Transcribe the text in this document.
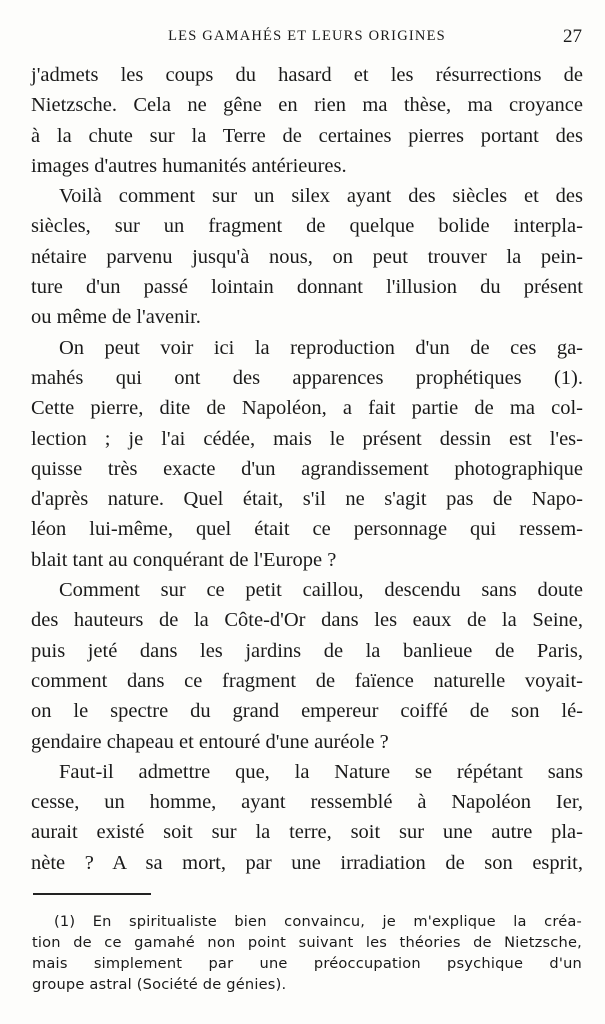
LES GAMAHÉS ET LEURS ORIGINES	27
j'admets les coups du hasard et les résurrections de
Nietzsche. Cela ne gêne en rien ma thèse, ma croyance
à la chute sur la Terre de certaines pierres portant des
images d'autres humanités antérieures.
Voilà comment sur un silex ayant des siècles et des
siècles, sur un fragment de quelque bolide interpla-
nétaire parvenu jusqu'à nous, on peut trouver la pein-
ture d'un passé lointain donnant l'illusion du présent
ou même de l'avenir.
On peut voir ici la reproduction d'un de ces ga-
mahés qui ont des apparences prophétiques (1).
Cette pierre, dite de Napoléon, a fait partie de ma col-
lection ; je l'ai cédée, mais le présent dessin est l'es-
quisse très exacte d'un agrandissement photographique
d'après nature. Quel était, s'il ne s'agit pas de Napo-
léon lui-même, quel était ce personnage qui ressem-
blait tant au conquérant de l'Europe ?
Comment sur ce petit caillou, descendu sans doute
des hauteurs de la Côte-d'Or dans les eaux de la Seine,
puis jeté dans les jardins de la banlieue de Paris,
comment dans ce fragment de faïence naturelle voyait-
on le spectre du grand empereur coiffé de son lé-
gendaire chapeau et entouré d'une auréole ?
Faut-il admettre que, la Nature se répétant sans
cesse, un homme, ayant ressemblé à Napoléon Ier,
aurait existé soit sur la terre, soit sur une autre pla-
nète ? A sa mort, par une irradiation de son esprit,
(1) En spiritualiste bien convaincu, je m'explique la créa-
tion de ce gamahé non point suivant les théories de Nietzsche,
mais simplement par une préoccupation psychique d'un
groupe astral (Société de génies).
